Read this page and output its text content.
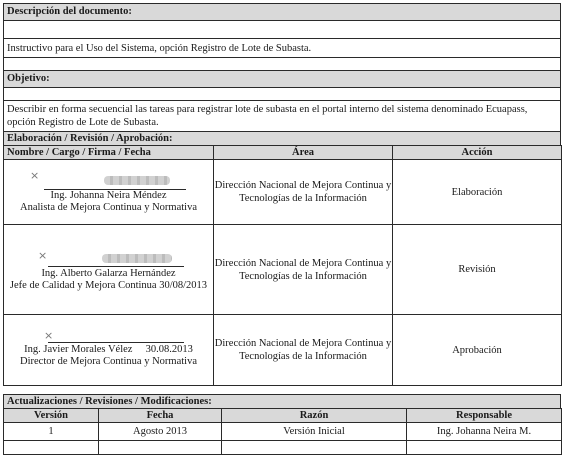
Descripción del documento:
Instructivo para el Uso del Sistema, opción Registro de Lote de Subasta.
Objetivo:
Describir en forma secuencial las tareas para registrar lote de subasta en el portal interno del sistema denominado Ecuapass, opción Registro de Lote de Subasta.
Elaboración / Revisión / Aprobación:
Nombre / Cargo / Firma / Fecha	Área	Acción

×
Ing. Johanna Neira Méndez
Analista de Mejora Continua y Normativa	Dirección Nacional de Mejora Continua y Tecnologías de la Información	Elaboración

×
Ing. Alberto Galarza Hernández
Jefe de Calidad y Mejora Continua 30/08/2013	Dirección Nacional de Mejora Continua y Tecnologías de la Información	Revisión

×
Ing. Javier Morales Vélez     30.08.2013
Director de Mejora Continua y Normativa	Dirección Nacional de Mejora Continua y Tecnologías de la Información	Aprobación
Actualizaciones / Revisiones / Modificaciones:
Versión	Fecha	Razón	Responsable
1	Agosto 2013	Versión Inicial	Ing. Johanna Neira M.
